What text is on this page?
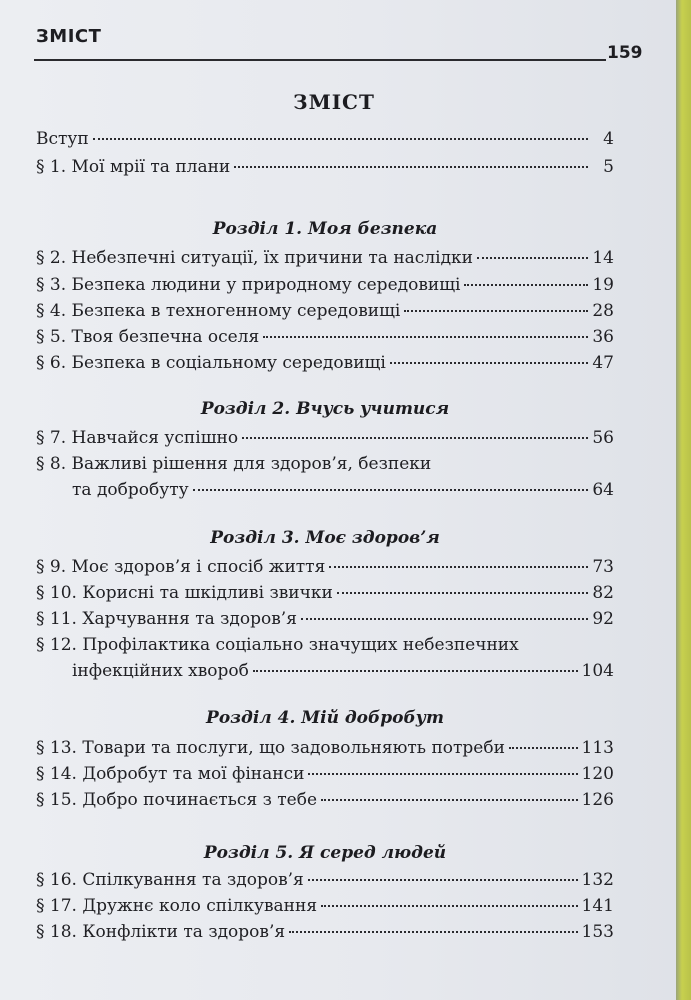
ЗМІСТ
159
ЗМІСТ
Вступ	4
§ 1. Мої мрії та плани	5
Розділ 1. Моя безпека
§ 2. Небезпечні ситуації, їх причини та наслідки	14
§ 3. Безпека людини у природному середовищі	19
§ 4. Безпека в техногенному середовищі	28
§ 5. Твоя безпечна оселя	36
§ 6. Безпека в соціальному середовищі	47
Розділ 2. Вчусь учитися
§ 7. Навчайся успішно	56
§ 8. Важливі рішення для здоров’я, безпеки
та добробуту	64
Розділ 3. Моє здоров’я
§ 9. Моє здоров’я і спосіб життя	73
§ 10. Корисні та шкідливі звички	82
§ 11. Харчування та здоров’я	92
§ 12. Профілактика соціально значущих небезпечних
інфекційних хвороб	104
Розділ 4. Мій добробут
§ 13. Товари та послуги, що задовольняють потреби	113
§ 14. Добробут та мої фінанси	120
§ 15. Добро починається з тебе	126
Розділ 5. Я серед людей
§ 16. Спілкування та здоров’я	132
§ 17. Дружнє коло спілкування	141
§ 18. Конфлікти та здоров’я	153
